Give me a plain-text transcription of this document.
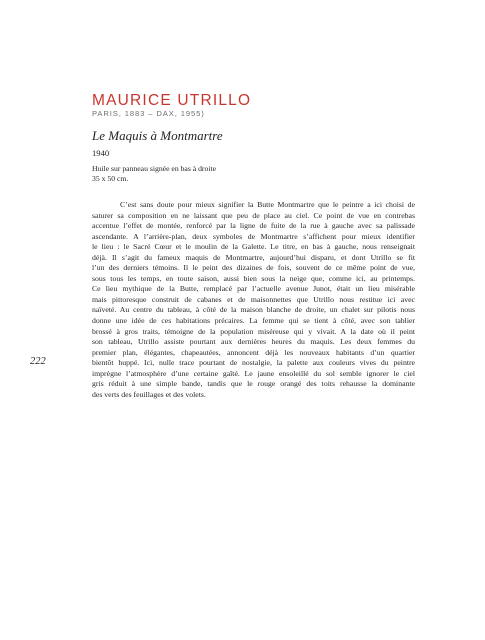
MAURICE UTRILLO
PARIS, 1883 – DAX, 1955)
Le Maquis à Montmartre
1940
Huile sur panneau signée en bas à droite
35 x 50 cm.
C’est sans doute pour mieux signifier la Butte Montmartre que le peintre a ici choisi de
saturer sa composition en ne laissant que peu de place au ciel. Ce point de vue en contrebas
accentue l’effet de montée, renforcé par la ligne de fuite de la rue à gauche avec sa palissade
ascendante. A l’arrière-plan, deux symboles de Montmartre s’affichent pour mieux identifier
le lieu : le Sacré Cœur et le moulin de la Galette. Le titre, en bas à gauche, nous renseignait
déjà. Il s’agit du fameux maquis de Montmartre, aujourd’hui disparu, et dont Utrillo se fit
l’un des derniers témoins. Il le peint des dizaines de fois, souvent de ce même point de vue,
sous tous les temps, en toute saison, aussi bien sous la neige que, comme ici, au printemps.
Ce lieu mythique de la Butte, remplacé par l’actuelle avenue Junot, était un lieu misérable
mais pittoresque construit de cabanes et de maisonnettes que Utrillo nous restitue ici avec
naïveté. Au centre du tableau, à côté de la maison blanche de droite, un chalet sur pilotis nous
donne une idée de ces habitations précaires. La femme qui se tient à côté, avec son tablier
brossé à gros traits, témoigne de la population miséreuse qui y vivait. A la date où il peint
son tableau, Utrillo assiste pourtant aux dernières heures du maquis. Les deux femmes du
premier plan, élégantes, chapeautées, annoncent déjà les nouveaux habitants d’un quartier
bientôt huppé. Ici, nulle trace pourtant de nostalgie, la palette aux couleurs vives du peintre
imprègne l’atmosphère d’une certaine gaîté. Le jaune ensoleillé du sol semble ignorer le ciel
gris réduit à une simple bande, tandis que le rouge orangé des toits rehausse la dominante
des verts des feuillages et des volets.
222
